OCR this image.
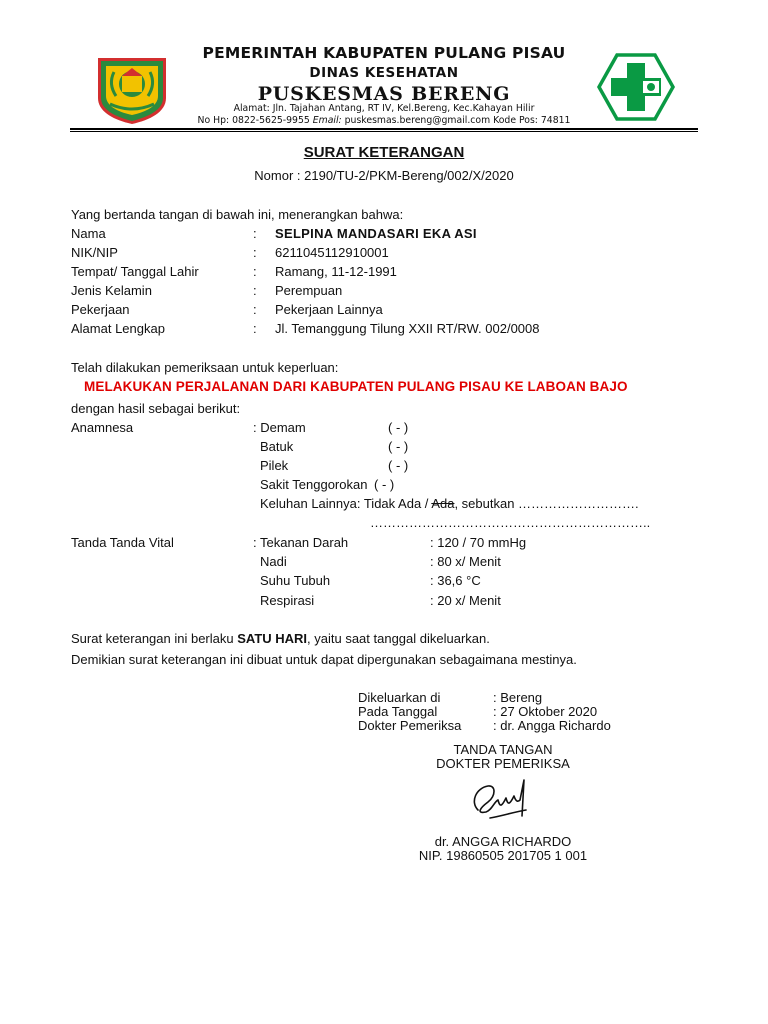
PEMERINTAH KABUPATEN PULANG PISAU
DINAS KESEHATAN
PUSKESMAS BERENG
Alamat: Jln. Tajahan Antang, RT IV, Kel.Bereng, Kec.Kahayan Hilir
No Hp: 0822-5625-9955 Email: puskesmas.bereng@gmail.com Kode Pos: 74811
SURAT KETERANGAN
Nomor : 2190/TU-2/PKM-Bereng/002/X/2020
Yang bertanda tangan di bawah ini, menerangkan bahwa:
Nama	: SELPINA MANDASARI EKA ASI
NIK/NIP	: 6211045112910001
Tempat/ Tanggal Lahir	: Ramang, 11-12-1991
Jenis Kelamin	: Perempuan
Pekerjaan	: Pekerjaan Lainnya
Alamat Lengkap	: Jl. Temanggung Tilung XXII RT/RW. 002/0008
Telah dilakukan pemeriksaan untuk keperluan:
MELAKUKAN PERJALANAN DARI KABUPATEN PULANG PISAU KE LABOAN BAJO
dengan hasil sebagai berikut:
Anamnesa	: Demam	( - )
Batuk	( - )
Pilek	( - )
Sakit Tenggorokan ( - )
Keluhan Lainnya: Tidak Ada / Ada, sebutkan ……………………….
………………………………………………………..
Tanda Tanda Vital	: Tekanan Darah	: 120 / 70 mmHg
Nadi	: 80 x/ Menit
Suhu Tubuh	: 36,6 °C
Respirasi	: 20 x/ Menit
Surat keterangan ini berlaku SATU HARI, yaitu saat tanggal dikeluarkan.
Demikian surat keterangan ini dibuat untuk dapat dipergunakan sebagaimana mestinya.
Dikeluarkan di	: Bereng
Pada Tanggal	: 27 Oktober 2020
Dokter Pemeriksa : dr. Angga Richardo
TANDA TANGAN
DOKTER PEMERIKSA
dr. ANGGA RICHARDO
NIP. 19860505 201705 1 001
